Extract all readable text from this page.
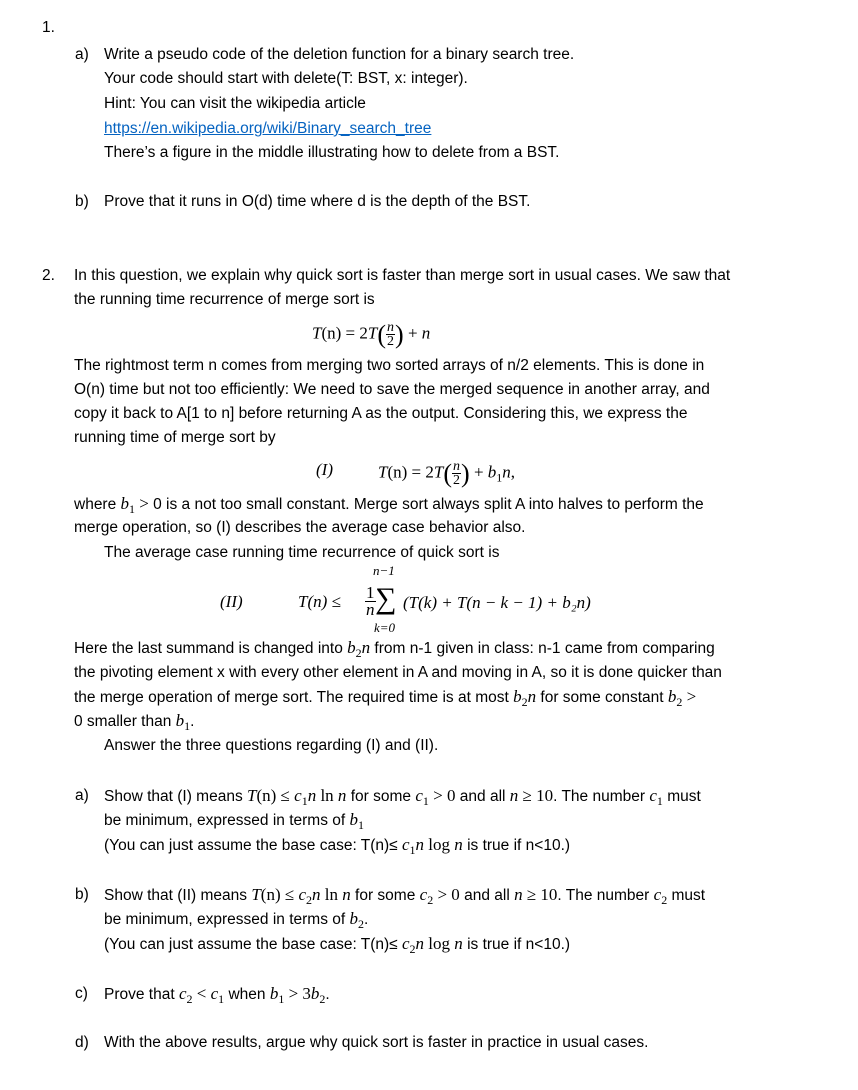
1.
a) Write a pseudo code of the deletion function for a binary search tree.
Your code should start with delete(T: BST, x: integer).
Hint: You can visit the wikipedia article
https://en.wikipedia.org/wiki/Binary_search_tree
There’s a figure in the middle illustrating how to delete from a BST.
b) Prove that it runs in O(d) time where d is the depth of the BST.
2. In this question, we explain why quick sort is faster than merge sort in usual cases. We saw that
the running time recurrence of merge sort is
T(n) = 2T ( $\frac{n}{2}$ ) + n
The rightmost term n comes from merging two sorted arrays of n/2 elements. This is done in
O(n) time but not too efficiently: We need to save the merged sequence in another array, and
copy it back to A[1 to n] before returning A as the output. Considering this, we express the
running time of merge sort by
(I)	T(n) = 2T ( $\frac{n}{2}$ ) + $b_1n$,
where $b_1 > 0$ is a not too small constant. Merge sort always split A into halves to perform the
merge operation, so (I) describes the average case behavior also.
The average case running time recurrence of quick sort is
(II)	$T(n) \le \frac{1}{n}$
n−1
∑
k=0
(T(k) + T(n − k − 1) + b₂n)
Here the last summand is changed into $b_2n$ from n-1 given in class: n-1 came from comparing
the pivoting element x with every other element in A and moving in A, so it is done quicker than
the merge operation of merge sort. The required time is at most $b_2n$ for some constant $b_2$ >
0 smaller than $b_1$.
Answer the three questions regarding (I) and (II).
a) Show that (I) means $T(n) \le c_1n$ ln n for some $c_1 > 0$ and all n ≥ 10. The number $c_1$ must
be minimum, expressed in terms of $b_1$
(You can just assume the base case: $T(n)\le c_1n$ log n is true if n<10.)
b) Show that (II) means $T(n) \le c_2n$ ln n for some $c_2 > 0$ and all n ≥ 10. The number $c_2$ must
be minimum, expressed in terms of $b_2$.
(You can just assume the base case: $T(n)\le c_2n$ log n is true if n<10.)
c) Prove that $c_2 < c_1$ when $b_1 > 3b_2$.
d) With the above results, argue why quick sort is faster in practice in usual cases.
